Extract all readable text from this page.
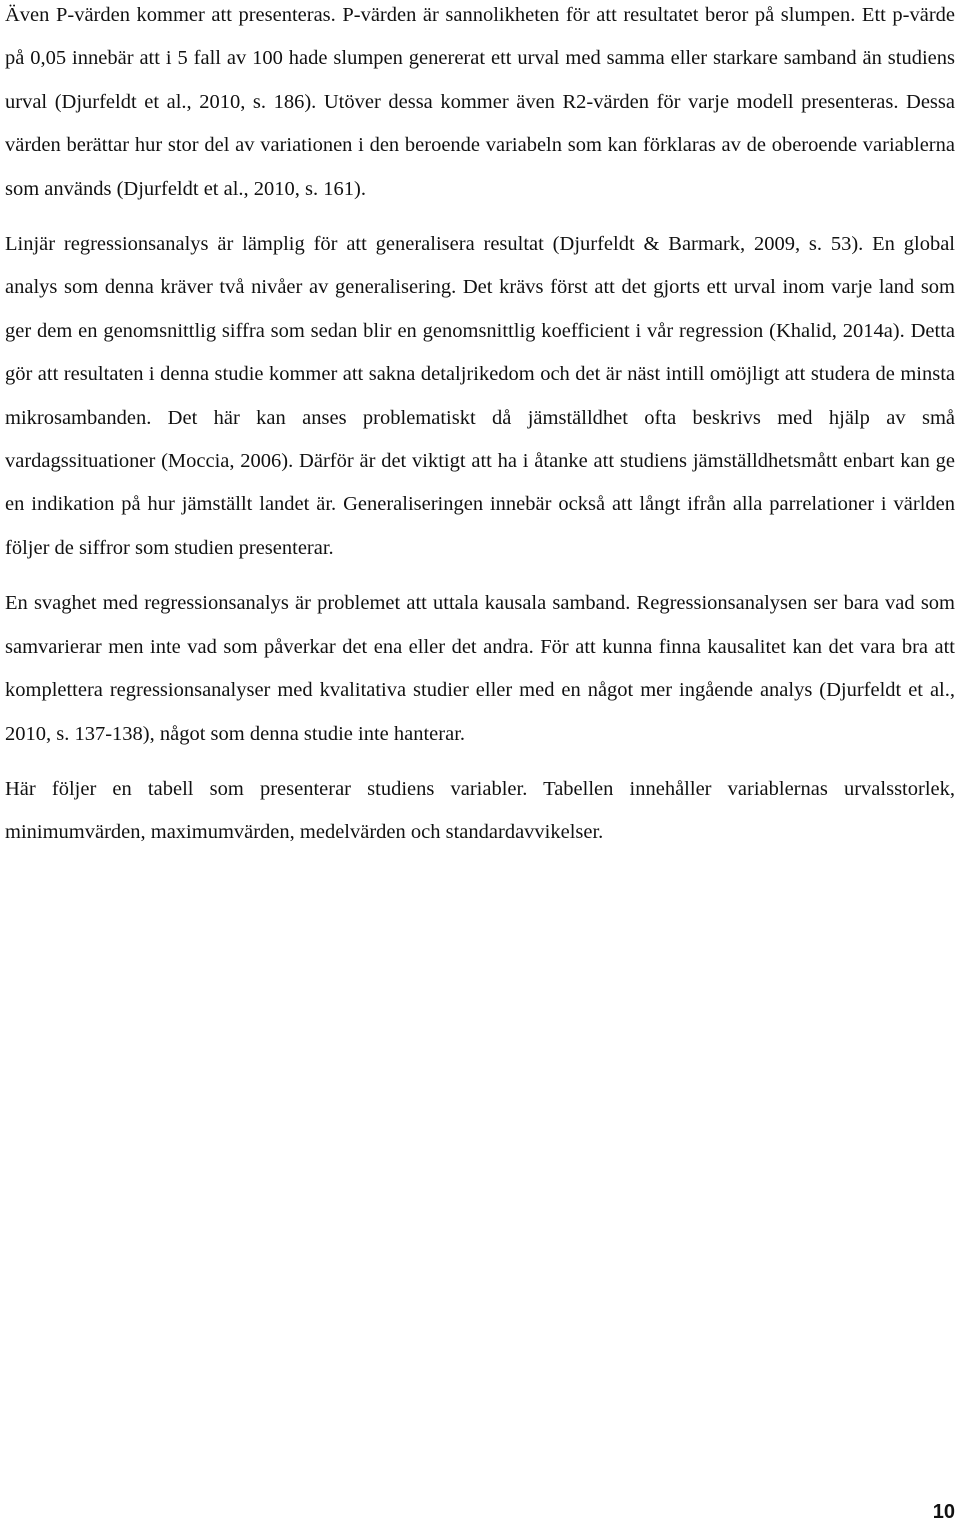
Även P-värden kommer att presenteras. P-värden är sannolikheten för att resultatet beror på slumpen. Ett p-värde på 0,05 innebär att i 5 fall av 100 hade slumpen genererat ett urval med samma eller starkare samband än studiens urval (Djurfeldt et al., 2010, s. 186). Utöver dessa kommer även R2-värden för varje modell presenteras. Dessa värden berättar hur stor del av variationen i den beroende variabeln som kan förklaras av de oberoende variablerna som används (Djurfeldt et al., 2010, s. 161).

Linjär regressionsanalys är lämplig för att generalisera resultat (Djurfeldt & Barmark, 2009, s. 53). En global analys som denna kräver två nivåer av generalisering. Det krävs först att det gjorts ett urval inom varje land som ger dem en genomsnittlig siffra som sedan blir en genomsnittlig koefficient i vår regression (Khalid, 2014a). Detta gör att resultaten i denna studie kommer att sakna detaljrikedom och det är näst intill omöjligt att studera de minsta mikrosambanden. Det här kan anses problematiskt då jämställdhet ofta beskrivs med hjälp av små vardagssituationer (Moccia, 2006). Därför är det viktigt att ha i åtanke att studiens jämställdhetsmått enbart kan ge en indikation på hur jämställt landet är. Generaliseringen innebär också att långt ifrån alla parrelationer i världen följer de siffror som studien presenterar.

En svaghet med regressionsanalys är problemet att uttala kausala samband. Regressionsanalysen ser bara vad som samvarierar men inte vad som påverkar det ena eller det andra. För att kunna finna kausalitet kan det vara bra att komplettera regressionsanalyser med kvalitativa studier eller med en något mer ingående analys (Djurfeldt et al., 2010, s. 137-138), något som denna studie inte hanterar.

Här följer en tabell som presenterar studiens variabler. Tabellen innehåller variablernas urvalsstorlek, minimumvärden, maximumvärden, medelvärden och standardavvikelser.

10
